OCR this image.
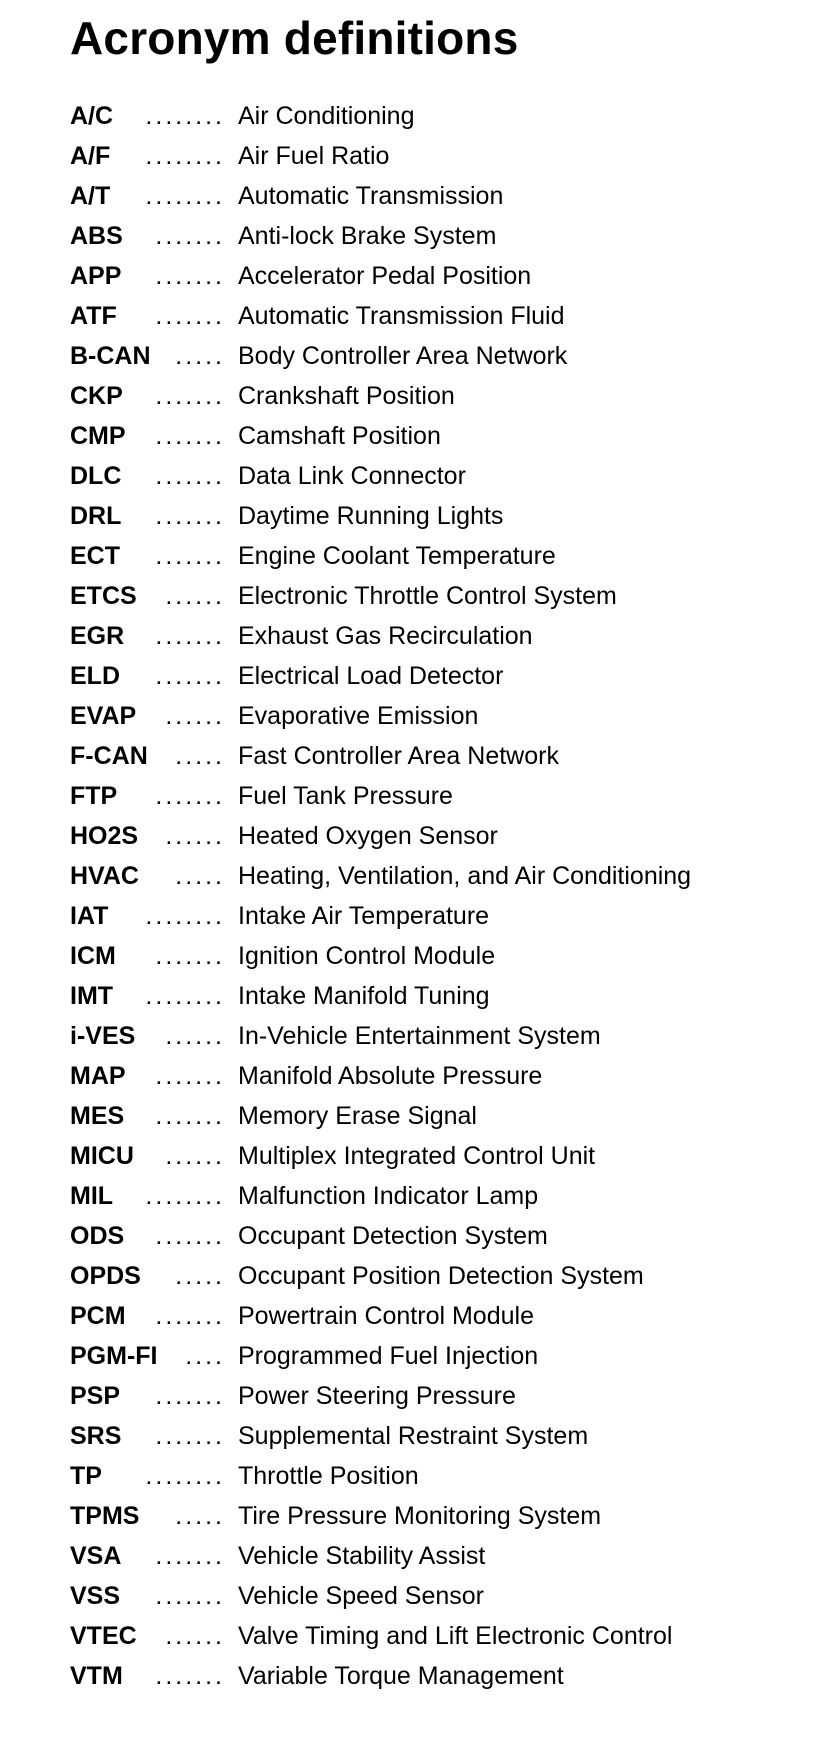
Acronym definitions
A/C ........ Air Conditioning
A/F ........ Air Fuel Ratio
A/T ........ Automatic Transmission
ABS ....... Anti-lock Brake System
APP ....... Accelerator Pedal Position
ATF ....... Automatic Transmission Fluid
B-CAN ..... Body Controller Area Network
CKP ....... Crankshaft Position
CMP ....... Camshaft Position
DLC ....... Data Link Connector
DRL ....... Daytime Running Lights
ECT ....... Engine Coolant Temperature
ETCS ...... Electronic Throttle Control System
EGR ....... Exhaust Gas Recirculation
ELD ....... Electrical Load Detector
EVAP ...... Evaporative Emission
F-CAN ..... Fast Controller Area Network
FTP ....... Fuel Tank Pressure
HO2S ...... Heated Oxygen Sensor
HVAC ..... Heating, Ventilation, and Air Conditioning
IAT ........ Intake Air Temperature
ICM ....... Ignition Control Module
IMT ........ Intake Manifold Tuning
i-VES ...... In-Vehicle Entertainment System
MAP ....... Manifold Absolute Pressure
MES ....... Memory Erase Signal
MICU ...... Multiplex Integrated Control Unit
MIL ........ Malfunction Indicator Lamp
ODS ....... Occupant Detection System
OPDS ..... Occupant Position Detection System
PCM ....... Powertrain Control Module
PGM-FI .... Programmed Fuel Injection
PSP ....... Power Steering Pressure
SRS ....... Supplemental Restraint System
TP ........ Throttle Position
TPMS ..... Tire Pressure Monitoring System
VSA ....... Vehicle Stability Assist
VSS ....... Vehicle Speed Sensor
VTEC ...... Valve Timing and Lift Electronic Control
VTM ....... Variable Torque Management
